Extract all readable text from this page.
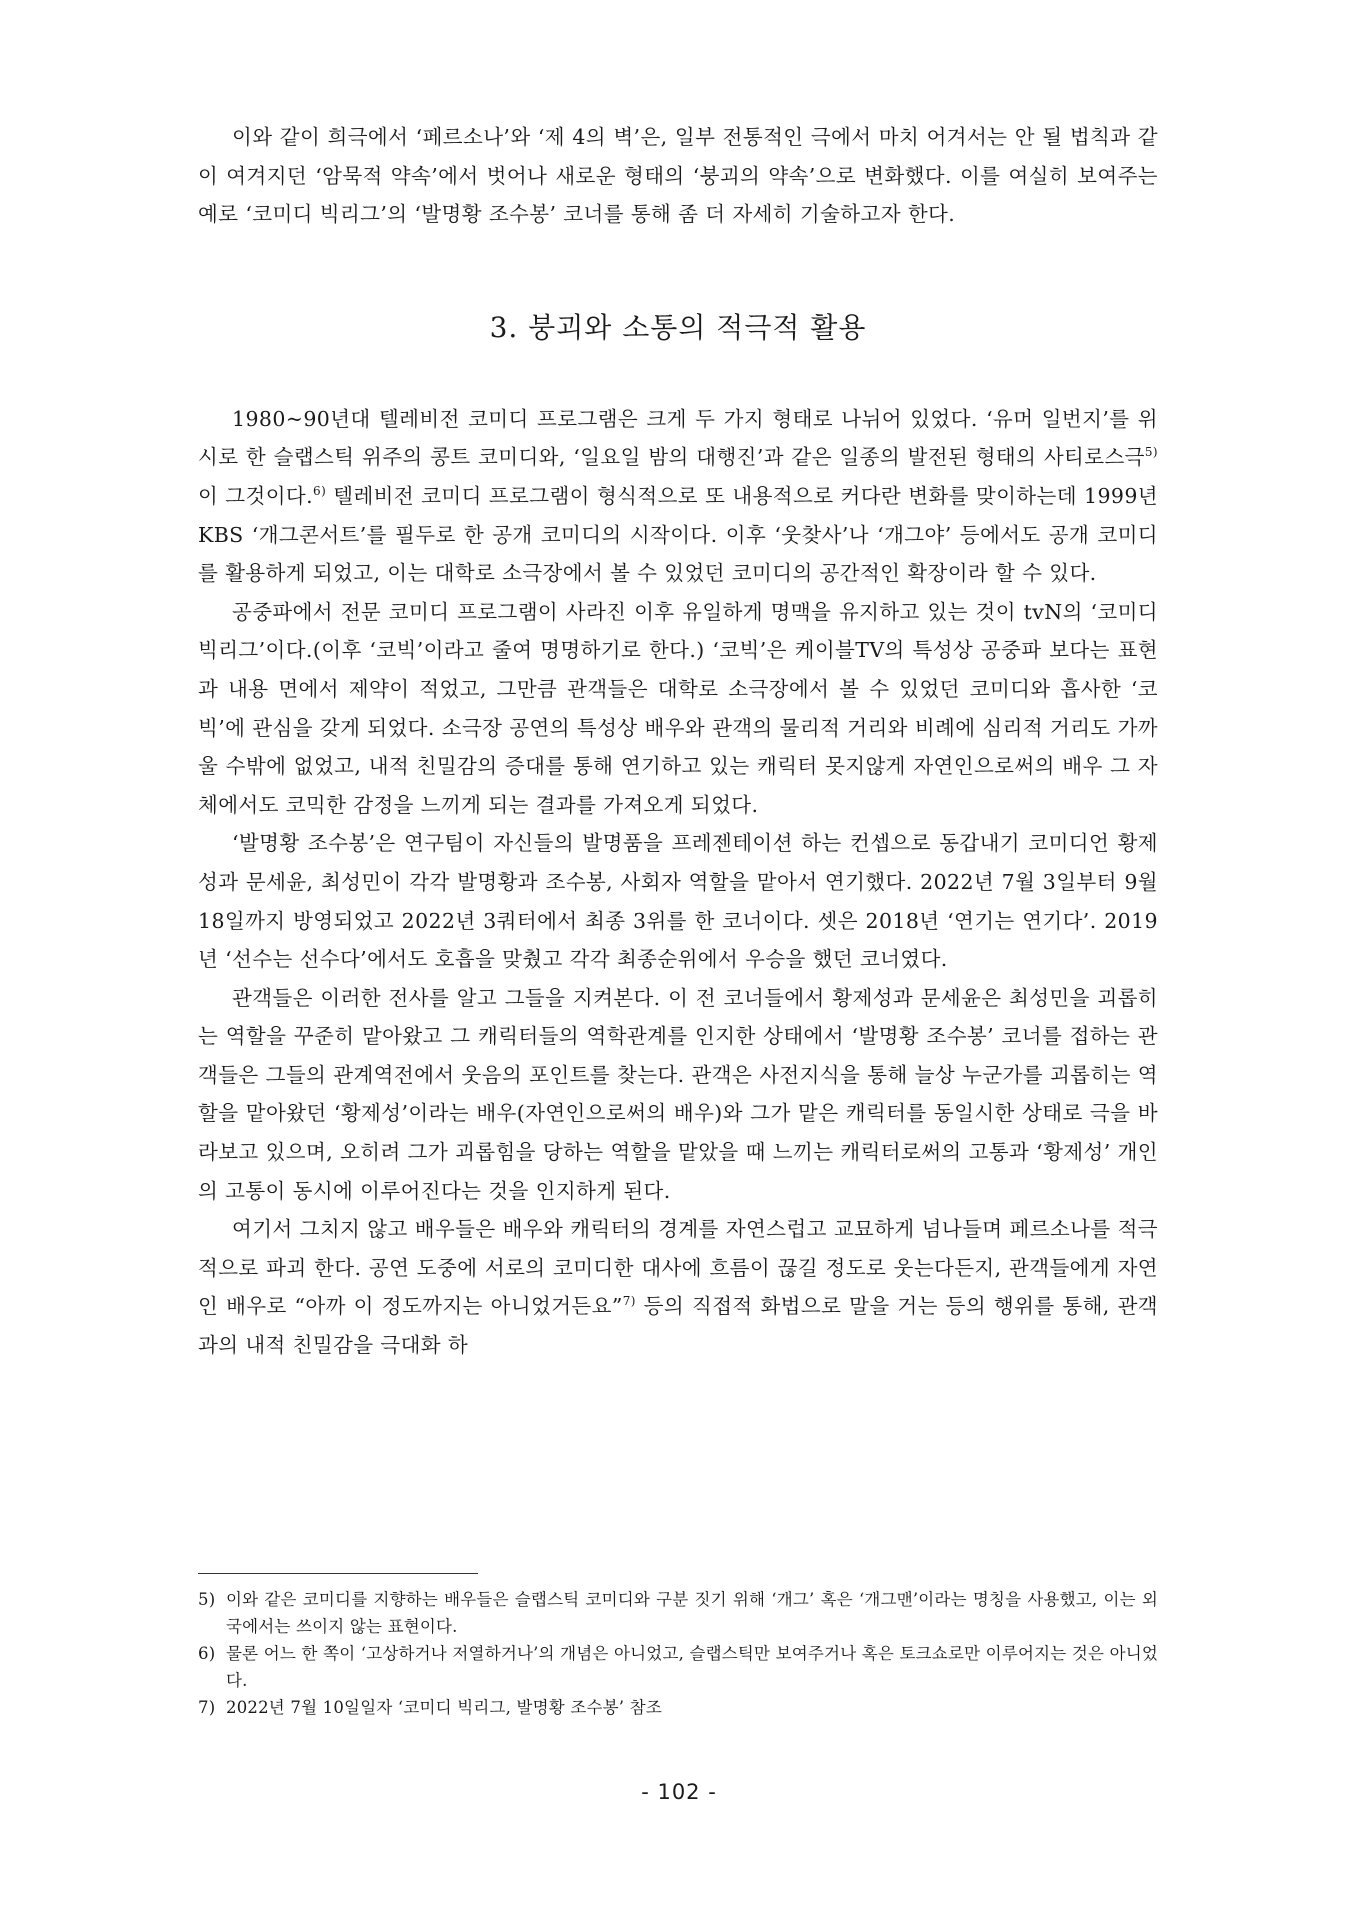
이와 같이 희극에서 ‘페르소나’와 ‘제 4의 벽’은, 일부 전통적인 극에서 마치 어겨서는 안 될 법칙과 같이 여겨지던 ‘암묵적 약속’에서 벗어나 새로운 형태의 ‘붕괴의 약속’으로 변화했다. 이를 여실히 보여주는 예로 ‘코미디 빅리그’의 ‘발명황 조수봉’ 코너를 통해 좀 더 자세히 기술하고자 한다.

3. 붕괴와 소통의 적극적 활용

1980~90년대 텔레비전 코미디 프로그램은 크게 두 가지 형태로 나뉘어 있었다. ‘유머 일번지’를 위시로 한 슬랩스틱 위주의 콩트 코미디와, ‘일요일 밤의 대행진’과 같은 일종의 발전된 형태의 사티로스극$^{5)}$이 그것이다.$^{6)}$ 텔레비전 코미디 프로그램이 형식적으로 또 내용적으로 커다란 변화를 맞이하는데 1999년 KBS ‘개그콘서트’를 필두로 한 공개 코미디의 시작이다. 이후 ‘웃찾사’나 ‘개그야’ 등에서도 공개 코미디를 활용하게 되었고, 이는 대학로 소극장에서 볼 수 있었던 코미디의 공간적인 확장이라 할 수 있다.

공중파에서 전문 코미디 프로그램이 사라진 이후 유일하게 명맥을 유지하고 있는 것이 tvN의 ‘코미디 빅리그’이다.(이후 ‘코빅’이라고 줄여 명명하기로 한다.) ‘코빅’은 케이블TV의 특성상 공중파 보다는 표현과 내용 면에서 제약이 적었고, 그만큼 관객들은 대학로 소극장에서 볼 수 있었던 코미디와 흡사한 ‘코빅’에 관심을 갖게 되었다. 소극장 공연의 특성상 배우와 관객의 물리적 거리와 비례에 심리적 거리도 가까울 수밖에 없었고, 내적 친밀감의 증대를 통해 연기하고 있는 캐릭터 못지않게 자연인으로써의 배우 그 자체에서도 코믹한 감정을 느끼게 되는 결과를 가져오게 되었다.

‘발명황 조수봉’은 연구팀이 자신들의 발명품을 프레젠테이션 하는 컨셉으로 동갑내기 코미디언 황제성과 문세윤, 최성민이 각각 발명황과 조수봉, 사회자 역할을 맡아서 연기했다. 2022년 7월 3일부터 9월 18일까지 방영되었고 2022년 3쿼터에서 최종 3위를 한 코너이다. 셋은 2018년 ‘연기는 연기다’. 2019년 ‘선수는 선수다’에서도 호흡을 맞췄고 각각 최종순위에서 우승을 했던 코너였다.

관객들은 이러한 전사를 알고 그들을 지켜본다. 이 전 코너들에서 황제성과 문세윤은 최성민을 괴롭히는 역할을 꾸준히 맡아왔고 그 캐릭터들의 역학관계를 인지한 상태에서 ‘발명황 조수봉’ 코너를 접하는 관객들은 그들의 관계역전에서 웃음의 포인트를 찾는다. 관객은 사전지식을 통해 늘상 누군가를 괴롭히는 역할을 맡아왔던 ‘황제성’이라는 배우(자연인으로써의 배우)와 그가 맡은 캐릭터를 동일시한 상태로 극을 바라보고 있으며, 오히려 그가 괴롭힘을 당하는 역할을 맡았을 때 느끼는 캐릭터로써의 고통과 ‘황제성’ 개인의 고통이 동시에 이루어진다는 것을 인지하게 된다.

여기서 그치지 않고 배우들은 배우와 캐릭터의 경계를 자연스럽고 교묘하게 넘나들며 페르소나를 적극적으로 파괴 한다. 공연 도중에 서로의 코미디한 대사에 흐름이 끊길 정도로 웃는다든지, 관객들에게 자연인 배우로 “아까 이 정도까지는 아니었거든요”$^{7)}$ 등의 직접적 화법으로 말을 거는 등의 행위를 통해, 관객과의 내적 친밀감을 극대화 하

5) 이와 같은 코미디를 지향하는 배우들은 슬랩스틱 코미디와 구분 짓기 위해 ‘개그’ 혹은 ‘개그맨’이라는 명칭을 사용했고, 이는 외국에서는 쓰이지 않는 표현이다.
6) 물론 어느 한 쪽이 ‘고상하거나 저열하거나’의 개념은 아니었고, 슬랩스틱만 보여주거나 혹은 토크쇼로만 이루어지는 것은 아니었다.
7) 2022년 7월 10일일자 ‘코미디 빅리그, 발명황 조수봉’ 참조
- 102 -
